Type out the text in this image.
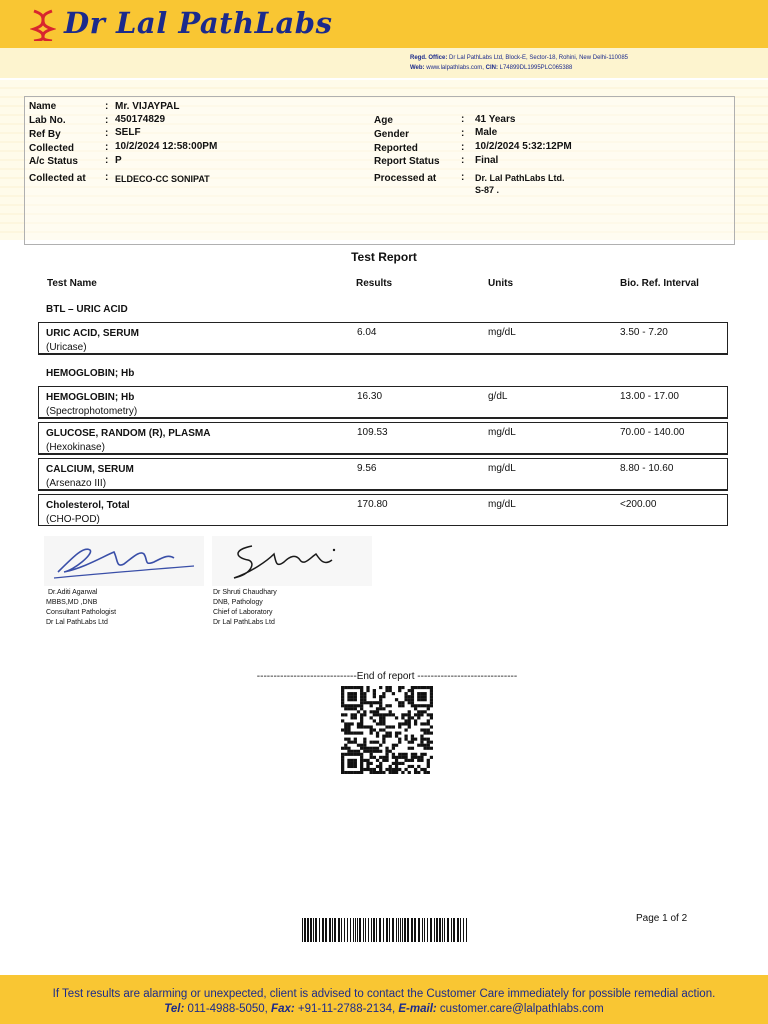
Dr Lal PathLabs
Regd. Office: Dr Lal PathLabs Ltd, Block-E, Sector-18, Rohini, New Delhi-110085
Web: www.lalpathlabs.com, CIN: L74899DL1995PLC065388
Name	: Mr. VIJAYPAL
Lab No.	: 450174829
Ref By	: SELF
Collected	: 10/2/2024 12:58:00PM
A/c Status	: P
Collected at : ELDECO-CC SONIPAT
Age	: 41 Years
Gender	: Male
Reported	: 10/2/2024 5:32:12PM
Report Status : Final
Processed at : Dr. Lal PathLabs Ltd.
S-87 .
Test Report
Test Name	Results	Units	Bio. Ref. Interval
BTL – URIC ACID
URIC ACID, SERUM
(Uricase)
6.04	mg/dL	3.50 - 7.20
HEMOGLOBIN; Hb
HEMOGLOBIN; Hb
(Spectrophotometry)
16.30	g/dL	13.00 - 17.00
GLUCOSE, RANDOM (R), PLASMA
(Hexokinase)
109.53	mg/dL	70.00 - 140.00
CALCIUM, SERUM
(Arsenazo III)
9.56	mg/dL	8.80 - 10.60
Cholesterol, Total
(CHO-POD)
170.80	mg/dL	<200.00
Dr.Aditi Agarwal
MBBS,MD ,DNB
Consultant Pathologist
Dr Lal PathLabs Ltd
Dr Shruti Chaudhary
DNB, Pathology
Chief of Laboratory
Dr Lal PathLabs Ltd
------------------------------End of report ------------------------------
Page 1 of 2
If Test results are alarming or unexpected, client is advised to contact the Customer Care immediately for possible remedial action.
Tel: 011-4988-5050, Fax: +91-11-2788-2134, E-mail: customer.care@lalpathlabs.com
